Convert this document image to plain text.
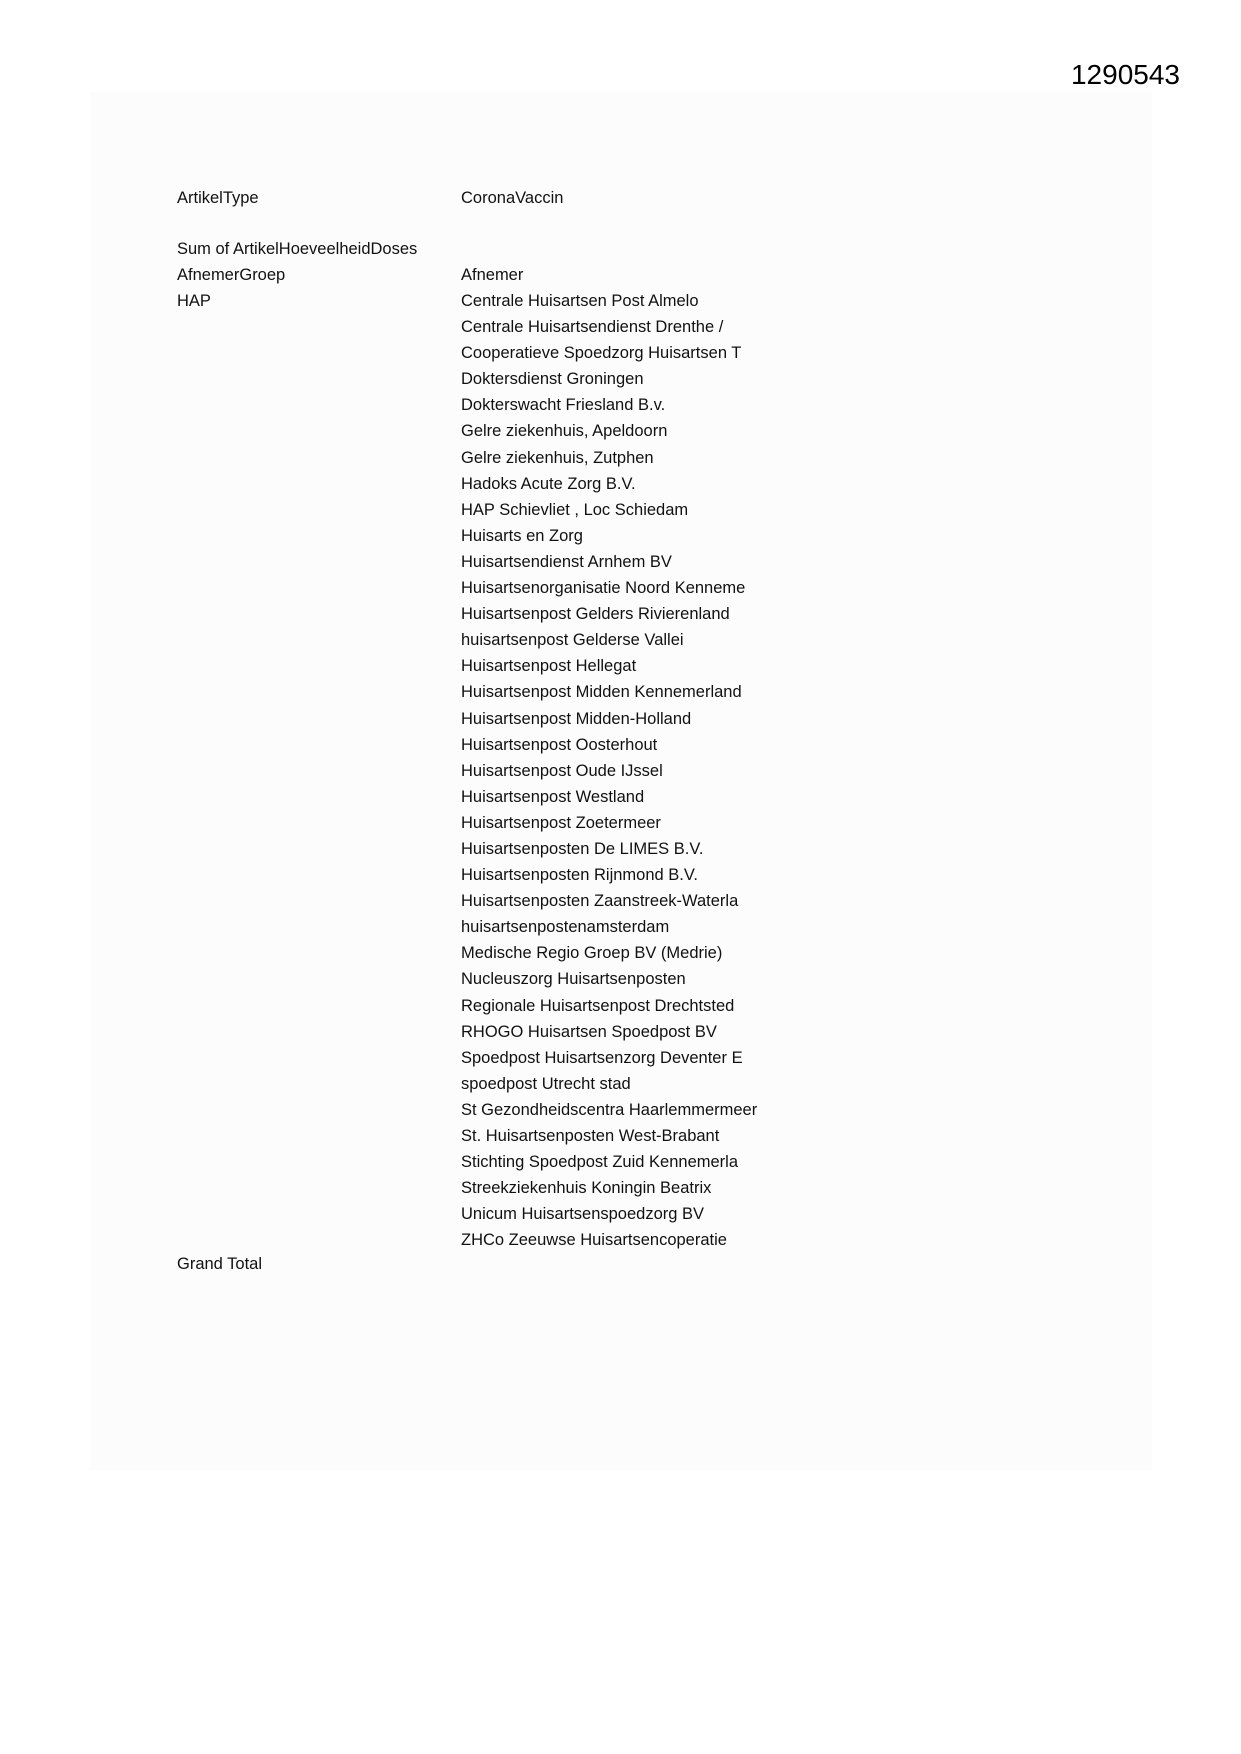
1290543
ArtikelType	CoronaVaccin
Sum of ArtikelHoeveelheidDoses
AfnemerGroep	Afnemer
HAP	Centrale Huisartsen Post Almelo
Centrale Huisartsendienst Drenthe /
Cooperatieve Spoedzorg Huisartsen T
Doktersdienst Groningen
Dokterswacht Friesland B.v.
Gelre ziekenhuis, Apeldoorn
Gelre ziekenhuis, Zutphen
Hadoks Acute Zorg B.V.
HAP Schievliet , Loc Schiedam
Huisarts en Zorg
Huisartsendienst Arnhem BV
Huisartsenorganisatie Noord Kenneme
Huisartsenpost Gelders Rivierenland
huisartsenpost Gelderse Vallei
Huisartsenpost Hellegat
Huisartsenpost Midden Kennemerland
Huisartsenpost Midden-Holland
Huisartsenpost Oosterhout
Huisartsenpost Oude IJssel
Huisartsenpost Westland
Huisartsenpost Zoetermeer
Huisartsenposten De LIMES B.V.
Huisartsenposten Rijnmond B.V.
Huisartsenposten Zaanstreek-Waterla
huisartsenpostenamsterdam
Medische Regio Groep BV (Medrie)
Nucleuszorg Huisartsenposten
Regionale Huisartsenpost Drechtsted
RHOGO Huisartsen Spoedpost BV
Spoedpost Huisartsenzorg Deventer E
spoedpost Utrecht stad
St Gezondheidscentra Haarlemmermeer
St. Huisartsenposten West-Brabant
Stichting Spoedpost Zuid Kennemerla
Streekziekenhuis Koningin Beatrix
Unicum Huisartsenspoedzorg BV
ZHCo Zeeuwse Huisartsencoperatie
Grand Total
